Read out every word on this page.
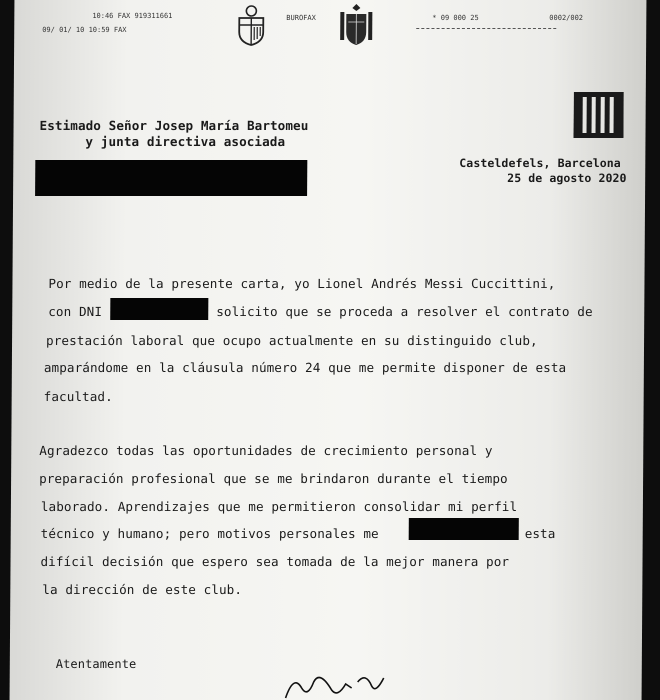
10:46 FAX 919311661
09/ 01/ 10 10:59 FAX
BUROFAX	* 09 000 25	0002/002
Estimado Señor Josep María Bartomeu
y junta directiva asociada
Casteldefels, Barcelona
25 de agosto 2020
Por medio de la presente carta, yo Lionel Andrés Messi Cuccittini,
con DNI	solicito que se proceda a resolver el contrato de
prestación laboral que ocupo actualmente en su distinguido club,
amparándome en la cláusula número 24 que me permite disponer de esta
facultad.
Agradezco todas las oportunidades de crecimiento personal y
preparación profesional que se me brindaron durante el tiempo
laborado. Aprendizajes que me permitieron consolidar mi perfil
técnico y humano; pero motivos personales me	esta
difícil decisión que espero sea tomada de la mejor manera por
la dirección de este club.
Atentamente
